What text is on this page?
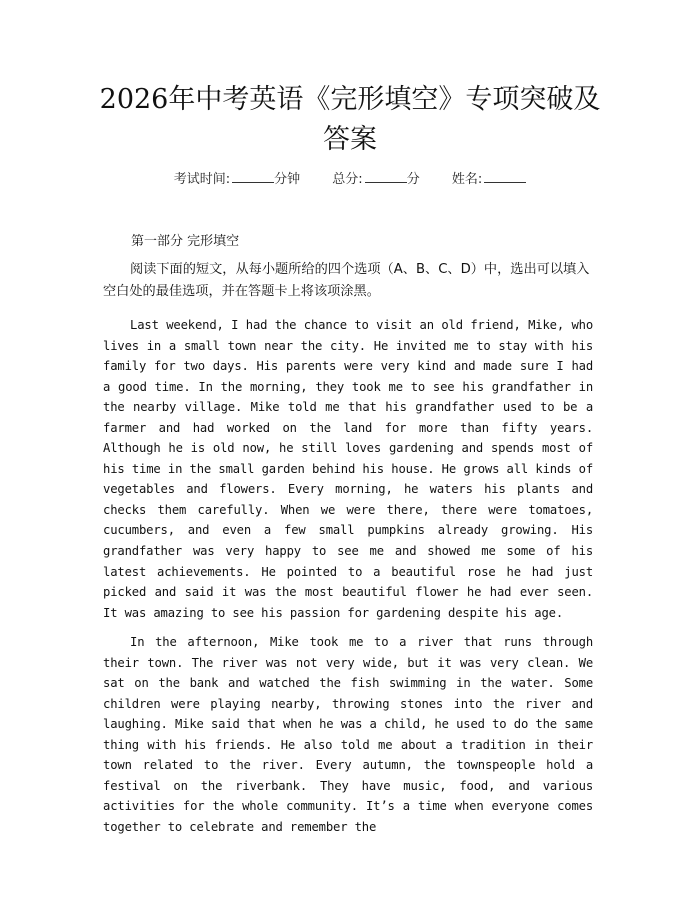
2026年中考英语《完形填空》专项突破及答案
考试时间:	分钟 总分:	分 姓名:
第一部分 完形填空

阅读下面的短文，从每小题所给的四个选项（A、B、C、D）中，选出可以填入空白处的最佳选项，并在答题卡上将该项涂黑。

Last weekend, I had the chance to visit an old friend, Mike, who lives in a small town near the city. He invited me to stay with his family for two days. His parents were very kind and made sure I had a good time. In the morning, they took me to see his grandfather in the nearby village. Mike told me that his grandfather used to be a farmer and had worked on the land for more than fifty years. Although he is old now, he still loves gardening and spends most of his time in the small garden behind his house. He grows all kinds of vegetables and flowers. Every morning, he waters his plants and checks them carefully. When we were there, there were tomatoes, cucumbers, and even a few small pumpkins already growing. His grandfather was very happy to see me and showed me some of his latest achievements. He pointed to a beautiful rose he had just picked and said it was the most beautiful flower he had ever seen. It was amazing to see his passion for gardening despite his age.

In the afternoon, Mike took me to a river that runs through their town. The river was not very wide, but it was very clean. We sat on the bank and watched the fish swimming in the water. Some children were playing nearby, throwing stones into the river and laughing. Mike said that when he was a child, he used to do the same thing with his friends. He also told me about a tradition in their town related to the river. Every autumn, the townspeople hold a festival on the riverbank. They have music, food, and various activities for the whole community. It’s a time when everyone comes together to celebrate and remember the
